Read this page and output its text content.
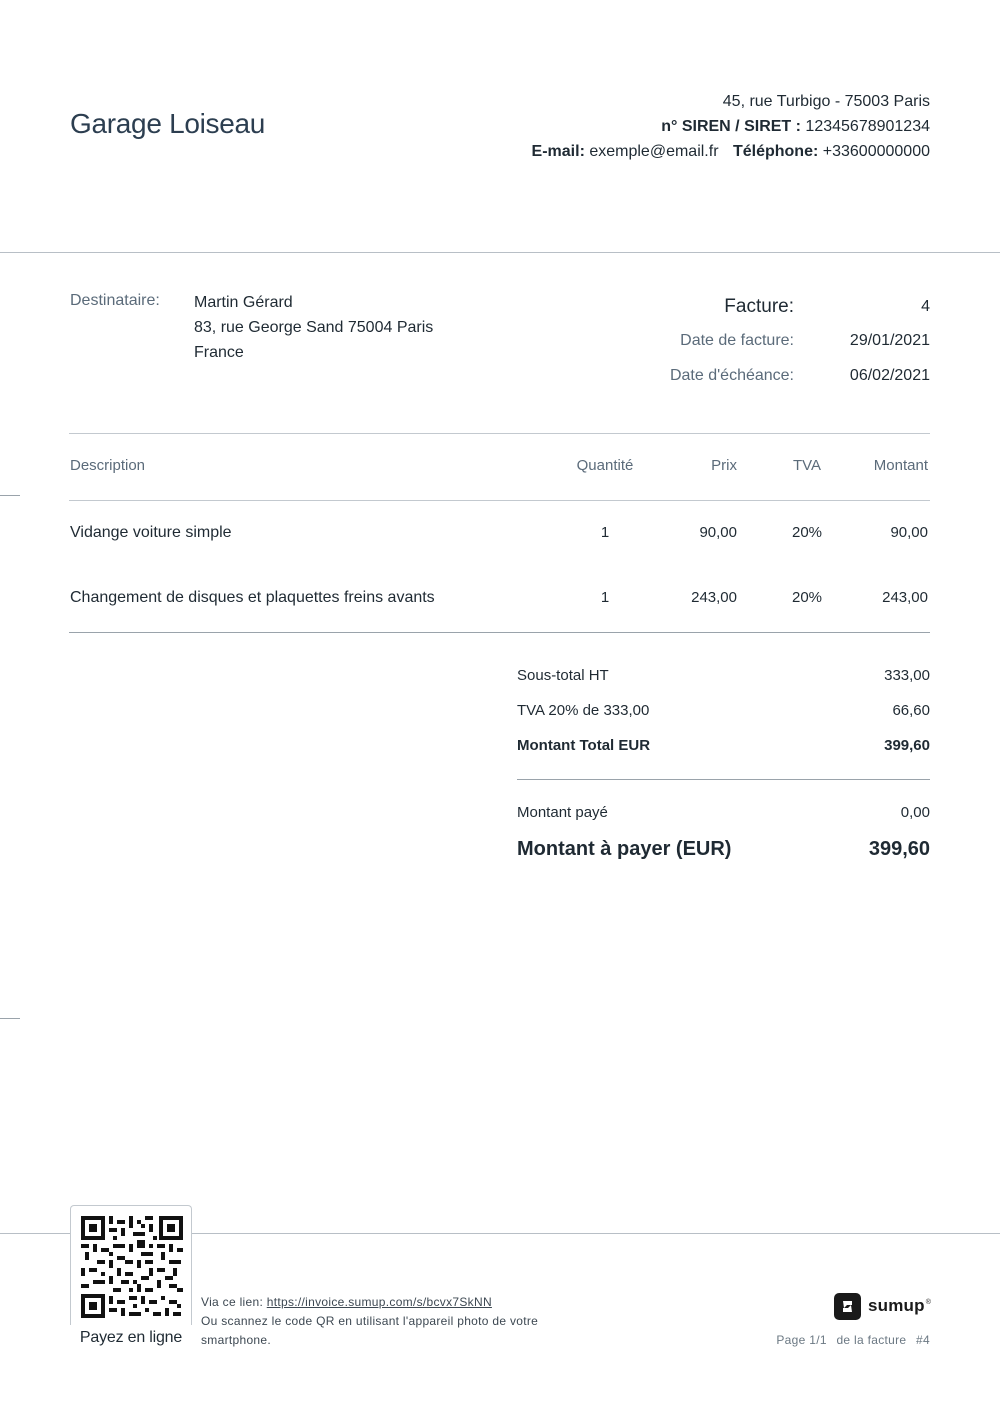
Garage Loiseau
45, rue Turbigo - 75003 Paris
n° SIREN / SIRET : 12345678901234
E-mail: exemple@email.fr Téléphone: +33600000000
Destinataire: Martin Gérard
83, rue George Sand 75004 Paris
France
Facture:	4
Date de facture:	29/01/2021
Date d'échéance:	06/02/2021
Description	Quantité	Prix	TVA	Montant
Vidange voiture simple	1	90,00	20%	90,00
Changement de disques et plaquettes freins avants	1	243,00	20%	243,00
Sous-total HT	333,00
TVA 20% de 333,00	66,60
Montant Total EUR	399,60
Montant payé	0,00
Montant à payer (EUR)	399,60
Payez en ligne
Via ce lien: https://invoice.sumup.com/s/bcvx7SkNN
Ou scannez le code QR en utilisant l'appareil photo de votre
smartphone.
sumup®
Page 1/1 de la facture #4
